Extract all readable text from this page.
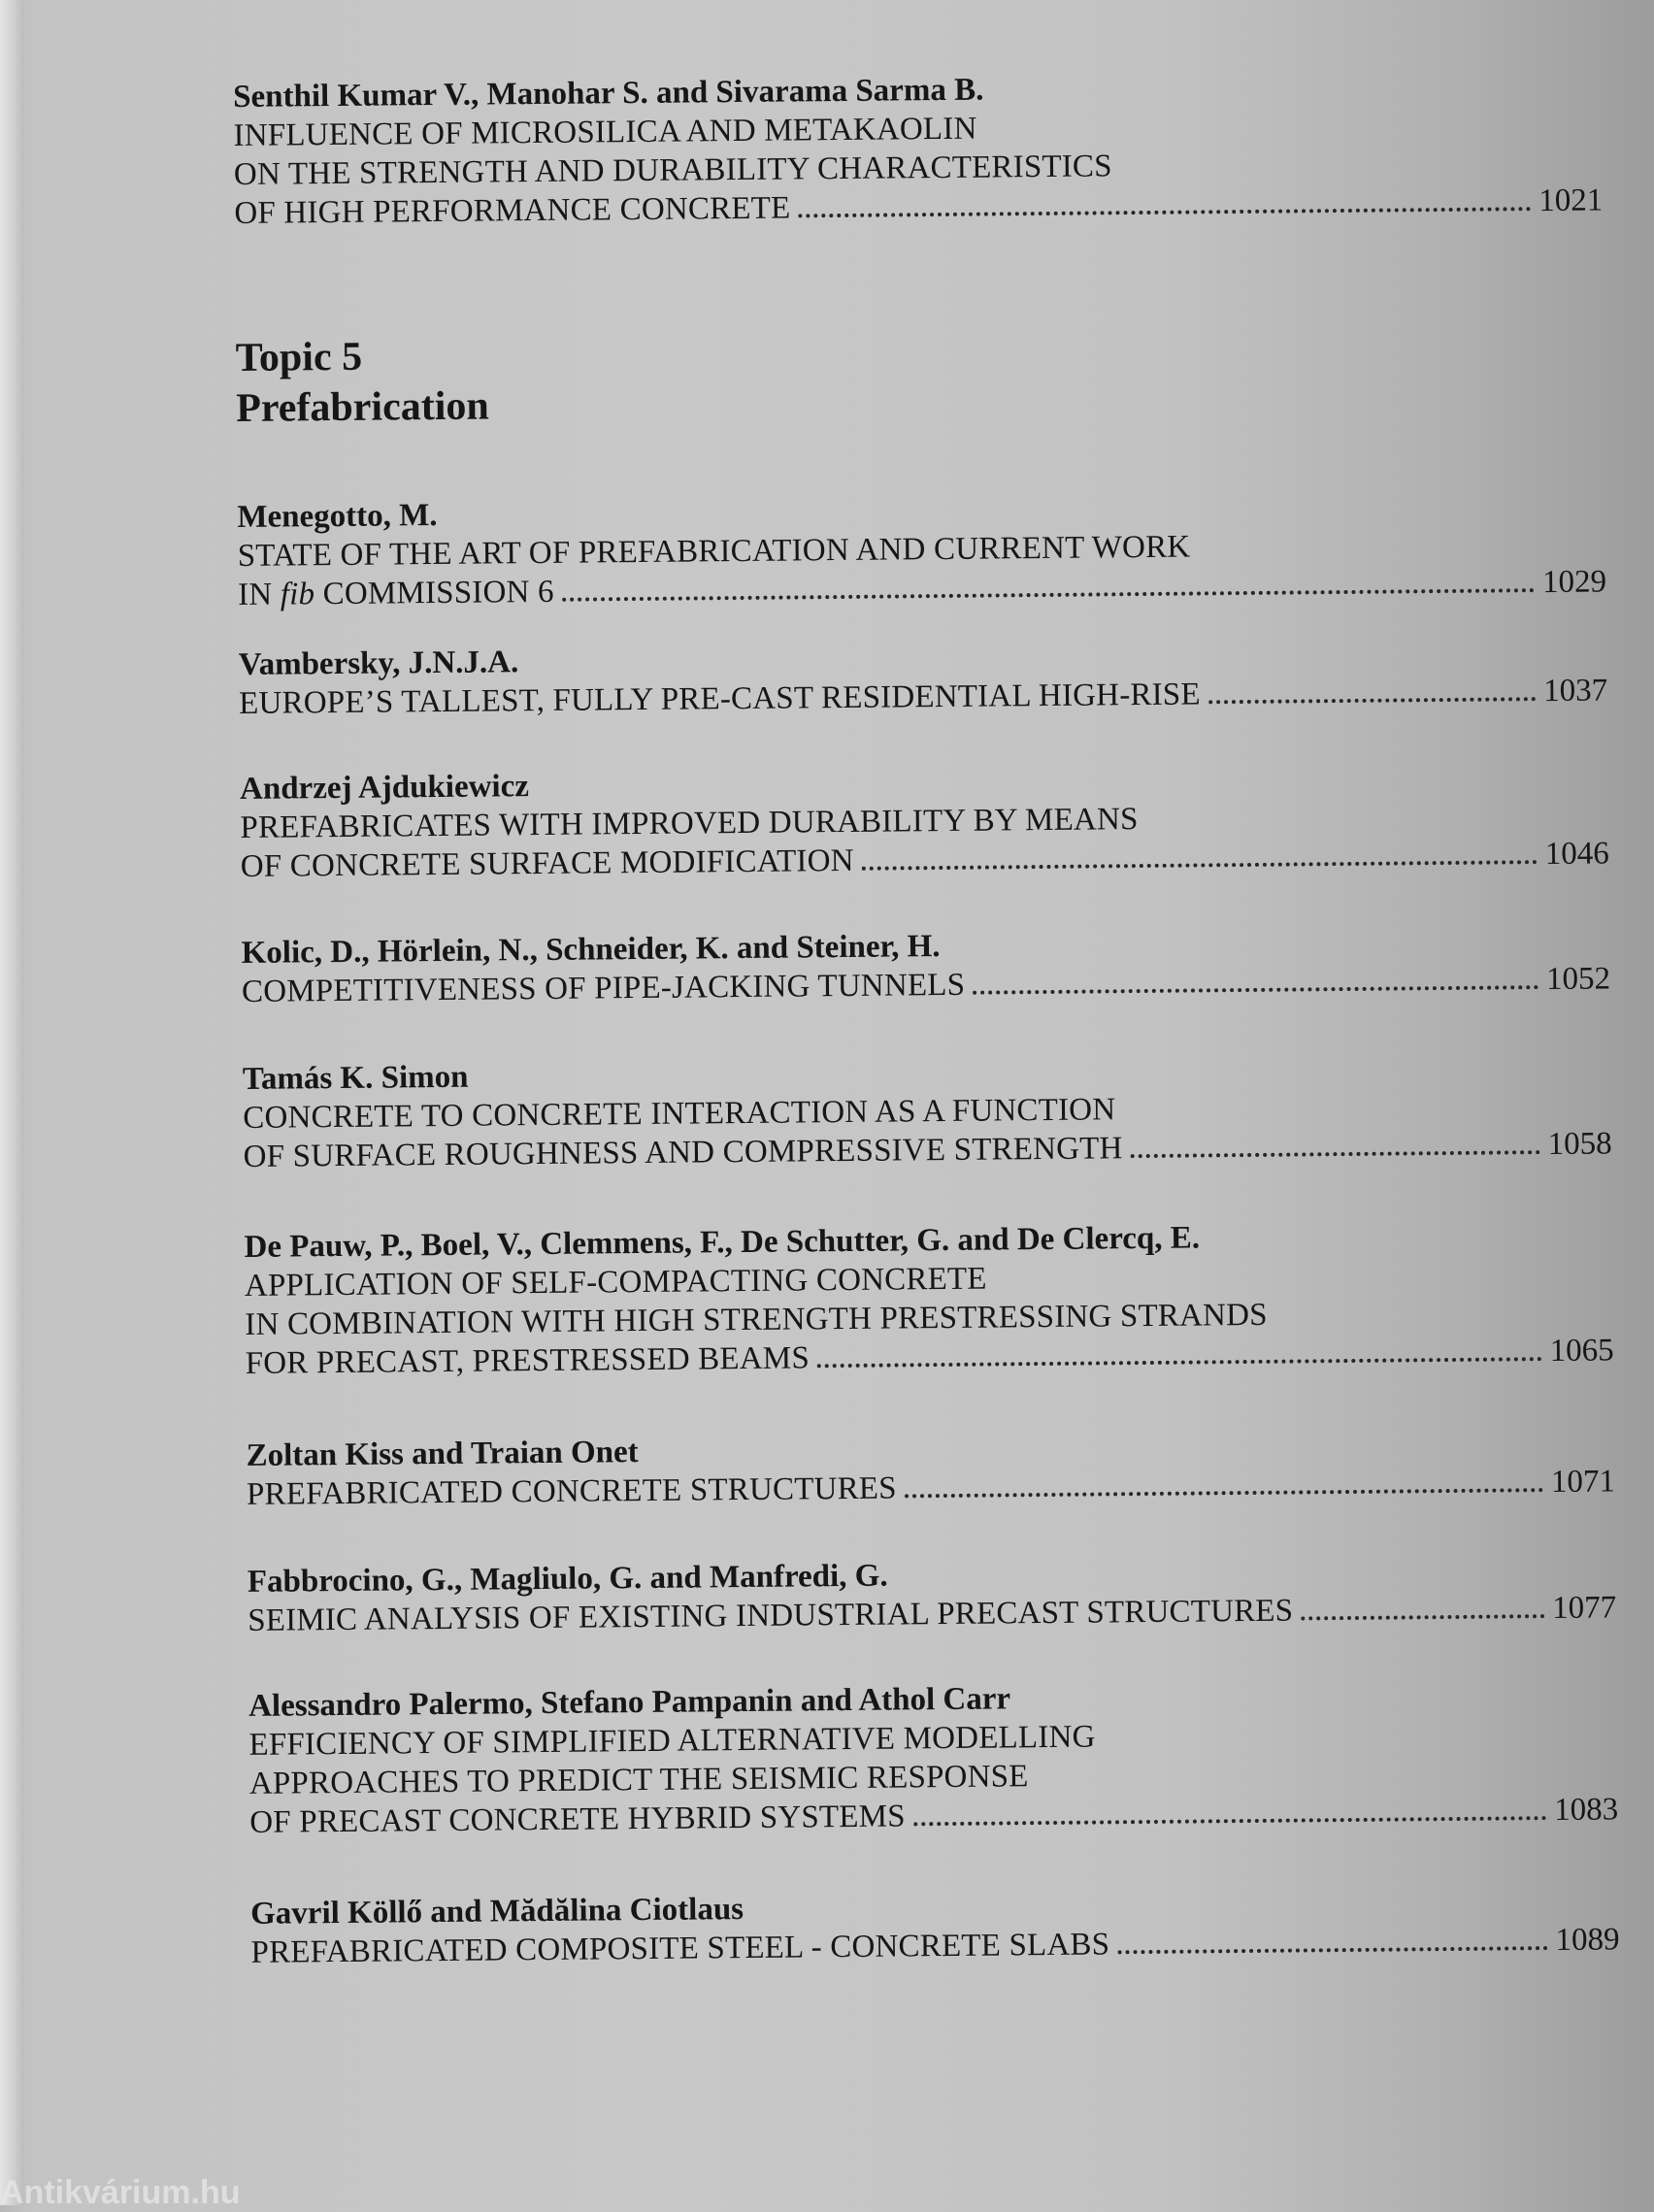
Senthil Kumar V., Manohar S. and Sivarama Sarma B.
INFLUENCE OF MICROSILICA AND METAKAOLIN
ON THE STRENGTH AND DURABILITY CHARACTERISTICS
OF HIGH PERFORMANCE CONCRETE	1021
Topic 5
Prefabrication
Menegotto, M.
STATE OF THE ART OF PREFABRICATION AND CURRENT WORK
IN fib COMMISSION 6	1029
Vambersky, J.N.J.A.
EUROPE’S TALLEST, FULLY PRE-CAST RESIDENTIAL HIGH-RISE	1037
Andrzej Ajdukiewicz
PREFABRICATES WITH IMPROVED DURABILITY BY MEANS
OF CONCRETE SURFACE MODIFICATION	1046
Kolic, D., Hörlein, N., Schneider, K. and Steiner, H.
COMPETITIVENESS OF PIPE-JACKING TUNNELS	1052
Tamás K. Simon
CONCRETE TO CONCRETE INTERACTION AS A FUNCTION
OF SURFACE ROUGHNESS AND COMPRESSIVE STRENGTH	1058
De Pauw, P., Boel, V., Clemmens, F., De Schutter, G. and De Clercq, E.
APPLICATION OF SELF-COMPACTING CONCRETE
IN COMBINATION WITH HIGH STRENGTH PRESTRESSING STRANDS
FOR PRECAST, PRESTRESSED BEAMS	1065
Zoltan Kiss and Traian Onet
PREFABRICATED CONCRETE STRUCTURES	1071
Fabbrocino, G., Magliulo, G. and Manfredi, G.
SEIMIC ANALYSIS OF EXISTING INDUSTRIAL PRECAST STRUCTURES	1077
Alessandro Palermo, Stefano Pampanin and Athol Carr
EFFICIENCY OF SIMPLIFIED ALTERNATIVE MODELLING
APPROACHES TO PREDICT THE SEISMIC RESPONSE
OF PRECAST CONCRETE HYBRID SYSTEMS	1083
Gavril Köllő and Mădălina Ciotlaus
PREFABRICATED COMPOSITE STEEL - CONCRETE SLABS	1089
Antikvárium.hu
